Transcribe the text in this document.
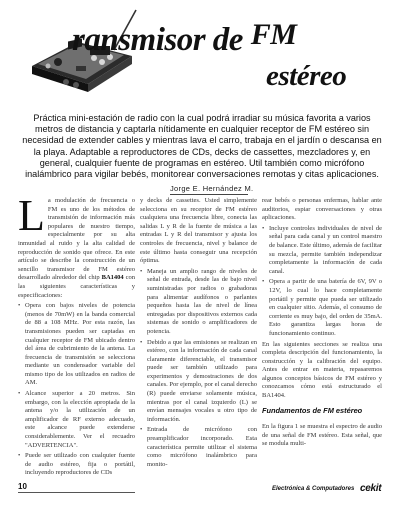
ransmisor de FM
estéreo

Práctica mini-estación de radio con la cual podrá irradiar su música favorita a varios metros de distancia y captarla nítidamente en cualquier receptor de FM estéreo sin necesidad de extender cables y mientras lava el carro, trabaja en el jardín o descansa en la playa. Adaptable a reproductores de CDs, decks de cassettes, mezcladores y, en general, cualquier fuente de programas en estéreo. Util también como micrófono inalámbrico para vigilar bebés, monitorear conversaciones remotas y citas aplicaciones.

Jorge E. Hernández M.

La modulación de frecuencia o FM es uno de los métodos de transmisión de información más populares de nuestro tiempo, especialmente por su alta inmunidad al ruido y la alta calidad de reproducción de sonido que ofrece. En este artículo se describe la construcción de un sencillo transmisor de FM estéreo desarrollado alrededor del chip BA1404 con las siguientes características y especificaciones:

• Opera con bajos niveles de potencia (menos de 70mW) en la banda comercial de 88 a 108 MHz. Por esta razón, las transmisiones pueden ser captadas en cualquier receptor de FM ubicado dentro del área de cubrimiento de la antena. La frecuencia de transmisión se selecciona mediante un condensador variable del mismo tipo de los utilizados en radios de AM.

• Alcance superior a 20 metros. Sin embargo, con la elección apropiada de la antena y/o la utilización de un amplificador de RF externo adecuado, este alcance puede extenderse considerablemente. Ver el recuadro "ADVERTENCIA".

• Puede ser utilizado con cualquier fuente de audio estéreo, fija o portátil, incluyendo reproductores de CDs

y decks de cassettes. Usted simplemente selecciona en su receptor de FM estéreo cualquiera una frecuencia libre, conecta las salidas L y R de la fuente de música a las entradas L y R del transmisor y ajusta los controles de frecuencia, nivel y balance de este último hasta conseguir una recepción óptima.

• Maneja un amplio rango de niveles de señal de entrada, desde las de bajo nivel suministradas por radios o grabadoras para alimentar audífonos o parlantes pequeños hasta las de nivel de línea entregadas por dispositivos externos cada sistemas de sonido o amplificadores de potencia.

• Debido a que las emisiones se realizan en estéreo, con la información de cada canal claramente diferenciable, el transmisor puede ser también utilizado para experimentos y demostraciones de dos canales. Por ejemplo, por el canal derecho (R) puede enviarse solamente música, mientras por el canal izquierdo (L) se envían mensajes vocales u otro tipo de información.

• Entrada de micrófono con preamplificador incorporado. Esta característica permite utilizar el sistema como micrófono inalámbrico para monito-

rear bebés o personas enfermas, hablar ante auditorios, espiar conversaciones y otras aplicaciones.

• Incluye controles individuales de nivel de señal para cada canal y un control maestro de balance. Este último, además de facilitar su mezcla, permite también independizar completamente la información de cada canal.

• Opera a partir de una batería de 6V, 9V o 12V, lo cual lo hace completamente portátil y permite que pueda ser utilizado en cualquier sitio. Además, el consumo de corriente es muy bajo, del orden de 35mA. Esto garantiza largas horas de funcionamiento continuo.

En las siguientes secciones se realiza una completa descripción del funcionamiento, la construcción y la calibración del equipo. Antes de entrar en materia, repasaremos algunos conceptos básicos de FM estéreo y conozcamos cómo está estructurado el BA1404.

Fundamentos de FM estéreo

En la figura 1 se muestra el espectro de audio de una señal de FM estéreo. Esta señal, que se modula multi-

10	Electrónica & Computadores cekit
